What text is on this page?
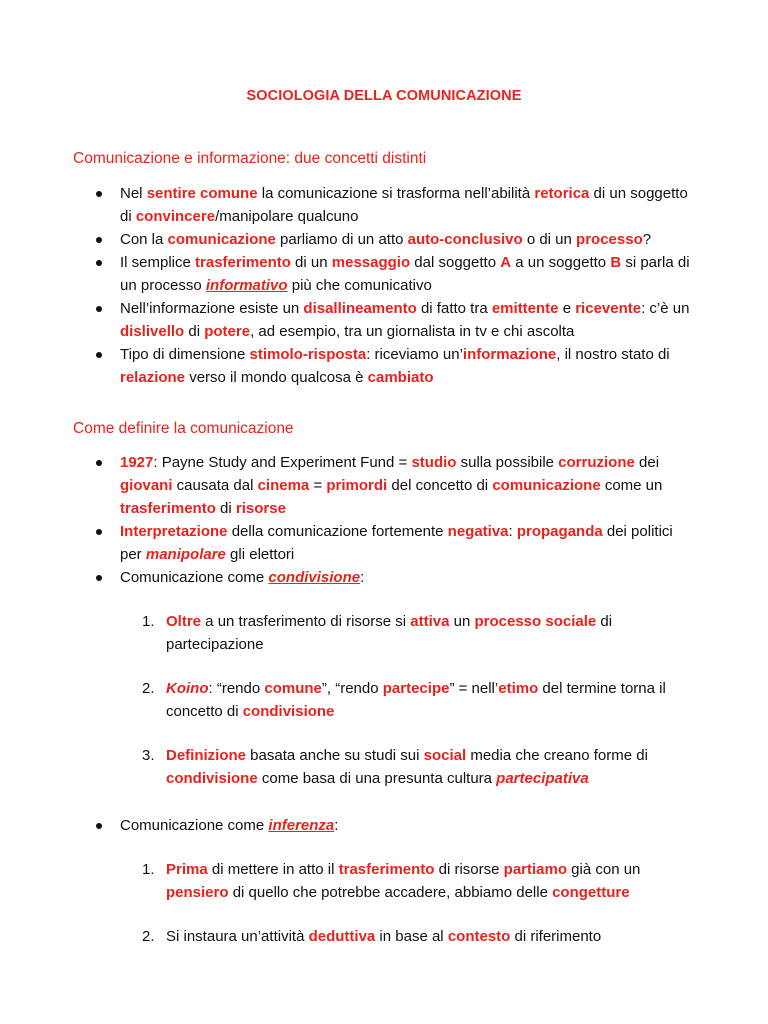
SOCIOLOGIA DELLA COMUNICAZIONE
Comunicazione e informazione: due concetti distinti
Nel sentire comune la comunicazione si trasforma nell’abilità retorica di un soggetto di convincere/manipolare qualcuno
Con la comunicazione parliamo di un atto auto-conclusivo o di un processo?
Il semplice trasferimento di un messaggio dal soggetto A a un soggetto B si parla di un processo informativo più che comunicativo
Nell’informazione esiste un disallineamento di fatto tra emittente e ricevente: c’è un dislivello di potere, ad esempio, tra un giornalista in tv e chi ascolta
Tipo di dimensione stimolo-risposta: riceviamo un’informazione, il nostro stato di relazione verso il mondo qualcosa è cambiato
Come definire la comunicazione
1927: Payne Study and Experiment Fund = studio sulla possibile corruzione dei giovani causata dal cinema = primordi del concetto di comunicazione come un trasferimento di risorse
Interpretazione della comunicazione fortemente negativa: propaganda dei politici per manipolare gli elettori
Comunicazione come condivisione:
1. Oltre a un trasferimento di risorse si attiva un processo sociale di partecipazione
2. Koino: “rendo comune”, “rendo partecipe” = nell’etimo del termine torna il concetto di condivisione
3. Definizione basata anche su studi sui social media che creano forme di condivisione come basa di una presunta cultura partecipativa
Comunicazione come inferenza:
1. Prima di mettere in atto il trasferimento di risorse partiamo già con un pensiero di quello che potrebbe accadere, abbiamo delle congetture
2. Si instaura un’attività deduttiva in base al contesto di riferimento
